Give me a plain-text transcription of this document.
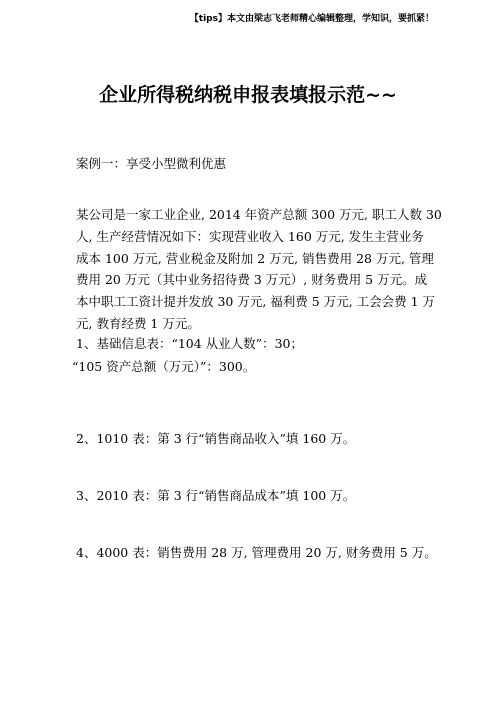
【tips】本文由梁志飞老师精心编辑整理，学知识，要抓紧！
企业所得税纳税申报表填报示范~~
案例一：享受小型微利优惠
某公司是一家工业企业, 2014 年资产总额 300 万元, 职工人数 30
人, 生产经营情况如下：实现营业收入 160 万元, 发生主营业务
成本 100 万元, 营业税金及附加 2 万元, 销售费用 28 万元, 管理
费用 20 万元（其中业务招待费 3 万元）, 财务费用 5 万元。成
本中职工工资计提并发放 30 万元, 福利费 5 万元, 工会会费 1 万
元, 教育经费 1 万元。
1、基础信息表：“104 从业人数”：30；
“105 资产总额（万元）”：300。
2、1010 表：第 3 行“销售商品收入”填 160 万。
3、2010 表：第 3 行“销售商品成本”填 100 万。
4、4000 表：销售费用 28 万, 管理费用 20 万, 财务费用 5 万。
